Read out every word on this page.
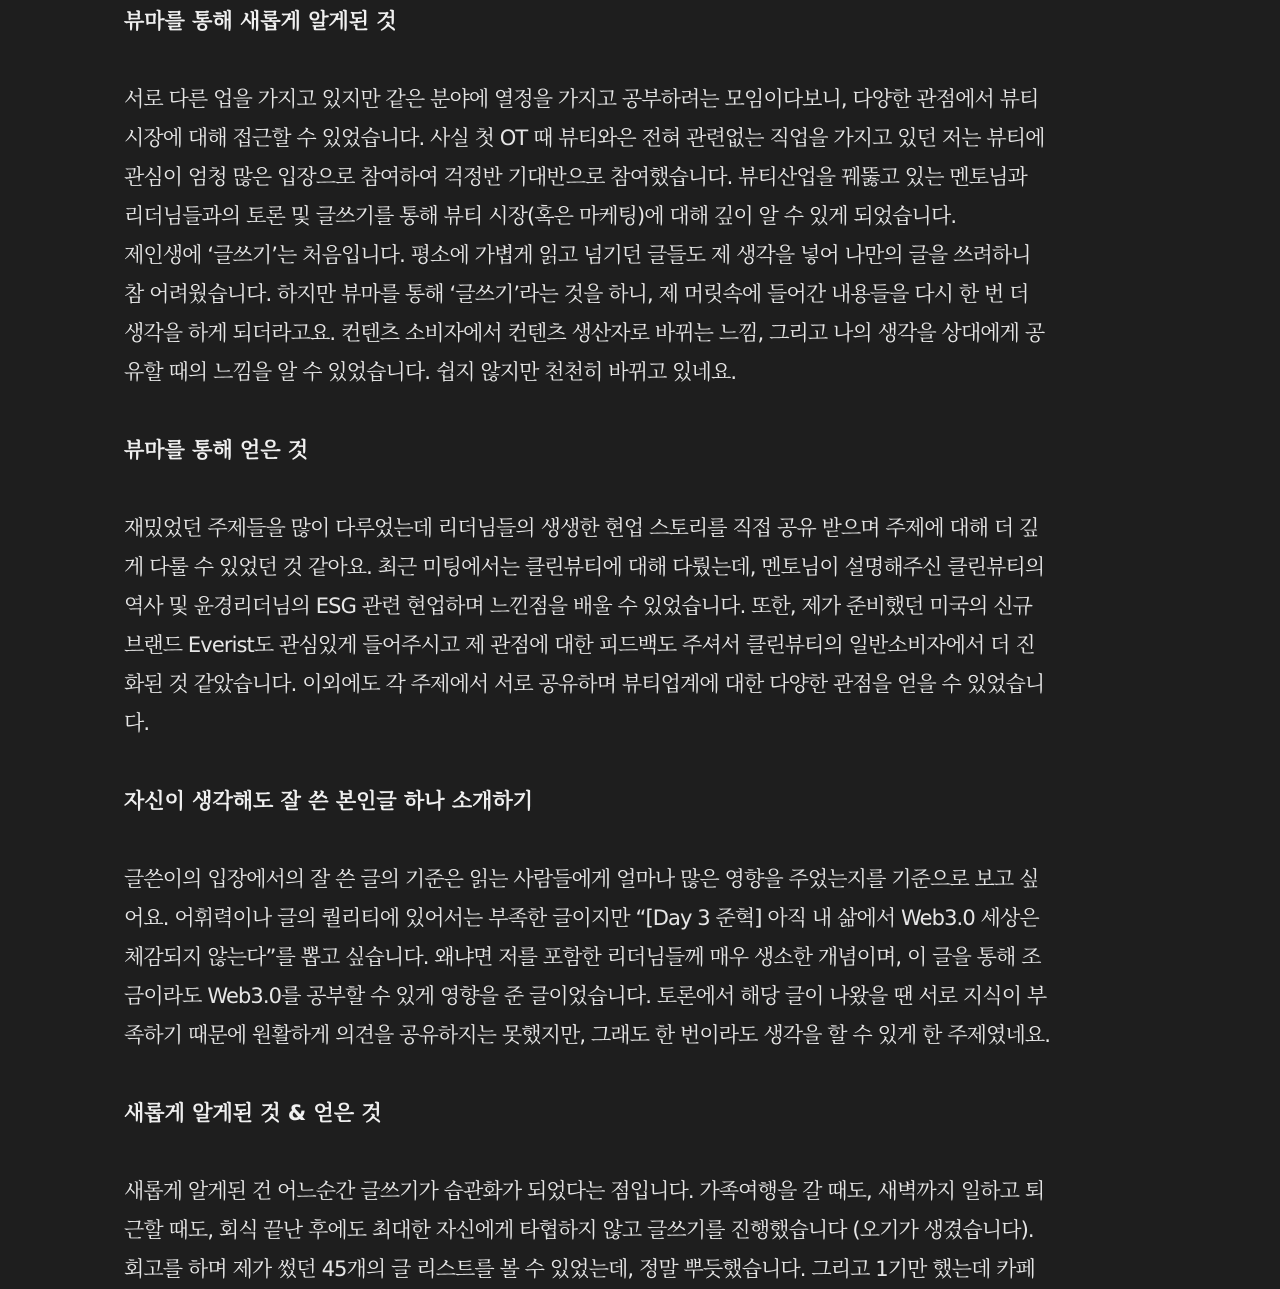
뷰마를 통해 새롭게 알게된 것

서로 다른 업을 가지고 있지만 같은 분야에 열정을 가지고 공부하려는 모임이다보니, 다양한 관점에서 뷰티
시장에 대해 접근할 수 있었습니다. 사실 첫 OT 때 뷰티와은 전혀 관련없는 직업을 가지고 있던 저는 뷰티에
관심이 엄청 많은 입장으로 참여하여 걱정반 기대반으로 참여했습니다. 뷰티산업을 꿰뚫고 있는 멘토님과
리더님들과의 토론 및 글쓰기를 통해 뷰티 시장(혹은 마케팅)에 대해 깊이 알 수 있게 되었습니다.
제인생에 ‘글쓰기’는 처음입니다. 평소에 가볍게 읽고 넘기던 글들도 제 생각을 넣어 나만의 글을 쓰려하니
참 어려웠습니다. 하지만 뷰마를 통해 ‘글쓰기’라는 것을 하니, 제 머릿속에 들어간 내용들을 다시 한 번 더
생각을 하게 되더라고요. 컨텐츠 소비자에서 컨텐츠 생산자로 바뀌는 느낌, 그리고 나의 생각을 상대에게 공
유할 때의 느낌을 알 수 있었습니다. 쉽지 않지만 천천히 바뀌고 있네요.

뷰마를 통해 얻은 것

재밌었던 주제들을 많이 다루었는데 리더님들의 생생한 현업 스토리를 직접 공유 받으며 주제에 대해 더 깊
게 다룰 수 있었던 것 같아요. 최근 미팅에서는 클린뷰티에 대해 다뤘는데, 멘토님이 설명해주신 클린뷰티의
역사 및 윤경리더님의 ESG 관련 현업하며 느낀점을 배울 수 있었습니다. 또한, 제가 준비했던 미국의 신규
브랜드 Everist도 관심있게 들어주시고 제 관점에 대한 피드백도 주셔서 클린뷰티의 일반소비자에서 더 진
화된 것 같았습니다. 이외에도 각 주제에서 서로 공유하며 뷰티업계에 대한 다양한 관점을 얻을 수 있었습니
다.

자신이 생각해도 잘 쓴 본인글 하나 소개하기

글쓴이의 입장에서의 잘 쓴 글의 기준은 읽는 사람들에게 얼마나 많은 영향을 주었는지를 기준으로 보고 싶
어요. 어휘력이나 글의 퀄리티에 있어서는 부족한 글이지만 “[Day 3 준혁] 아직 내 삶에서 Web3.0 세상은
체감되지 않는다”를 뽑고 싶습니다. 왜냐면 저를 포함한 리더님들께 매우 생소한 개념이며, 이 글을 통해 조
금이라도 Web3.0를 공부할 수 있게 영향을 준 글이었습니다. 토론에서 해당 글이 나왔을 땐 서로 지식이 부
족하기 때문에 원활하게 의견을 공유하지는 못했지만, 그래도 한 번이라도 생각을 할 수 있게 한 주제였네요.

새롭게 알게된 것 & 얻은 것

새롭게 알게된 건 어느순간 글쓰기가 습관화가 되었다는 점입니다. 가족여행을 갈 때도, 새벽까지 일하고 퇴
근할 때도, 회식 끝난 후에도 최대한 자신에게 타협하지 않고 글쓰기를 진행했습니다 (오기가 생겼습니다).
회고를 하며 제가 썼던 45개의 글 리스트를 볼 수 있었는데, 정말 뿌듯했습니다. 그리고 1기만 했는데 카페
